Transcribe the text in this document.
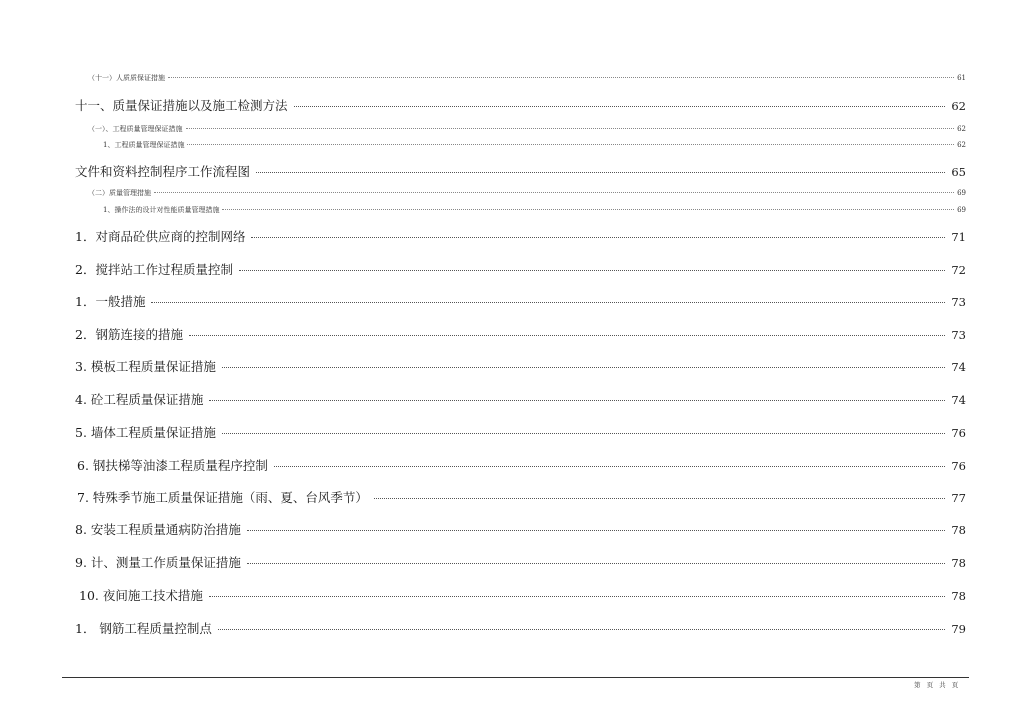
（十一）人质质保证措施	61
十一、质量保证措施以及施工检测方法	62
（一）、工程质量管理保证措施	62
1、工程质量管理保证措施	62
文件和资料控制程序工作流程图	65
（二）质量管理措施	69
1、操作法的设计对性能质量管理措施	69
1．对商品砼供应商的控制网络	71
2．搅拌站工作过程质量控制	72
1．一般措施	73
2．钢筋连接的措施	73
3. 模板工程质量保证措施	74
4. 砼工程质量保证措施	74
5. 墙体工程质量保证措施	76
6. 钢扶梯等油漆工程质量程序控制	76
7. 特殊季节施工质量保证措施（雨、夏、台风季节）	77
8. 安装工程质量通病防治措施	78
9. 计、测量工作质量保证措施	78
10. 夜间施工技术措施	78
1． 钢筋工程质量控制点	79
第 页 共 页
